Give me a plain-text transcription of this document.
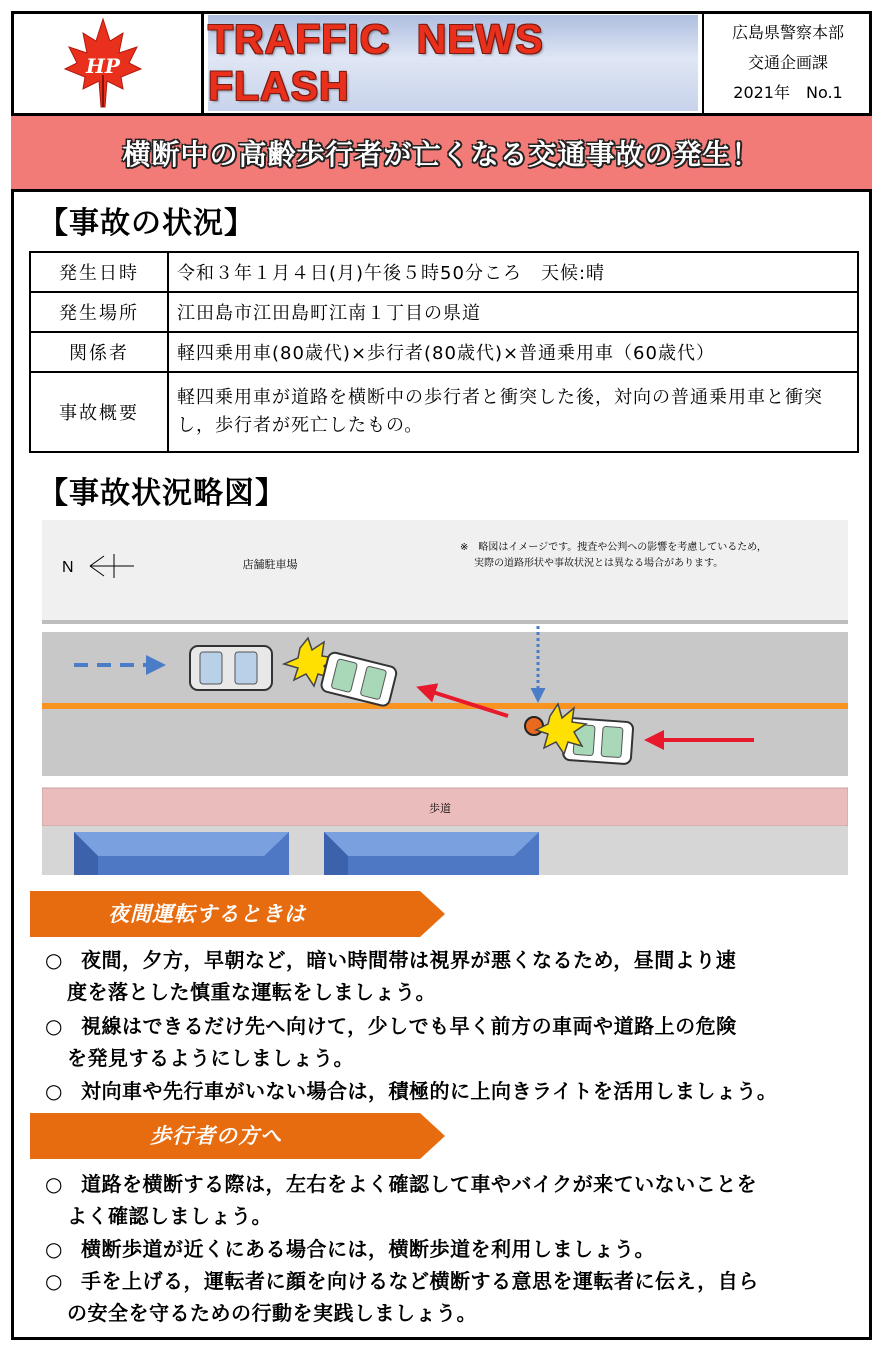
HP
TRAFFIC NEWS FLASH
広島県警察本部
交通企画課
2021年　No.1
横断中の高齢歩行者が亡くなる交通事故の発生！
【事故の状況】
発生日時	令和３年１月４日(月)午後５時50分ころ　天候:晴
発生場所	江田島市江田島町江南１丁目の県道
関係者	軽四乗用車(80歳代)×歩行者(80歳代)×普通乗用車（60歳代）
事故概要	軽四乗用車が道路を横断中の歩行者と衝突した後，対向の普通乗用車と衝突し，歩行者が死亡したもの。
【事故状況略図】
N	店舗駐車場
※　略図はイメージです。捜査や公判への影響を考慮しているため，
実際の道路形状や事故状況とは異なる場合があります。
歩道
夜間運転するときは
○ 夜間，夕方，早朝など，暗い時間帯は視界が悪くなるため，昼間より速
度を落とした慎重な運転をしましょう。
○ 視線はできるだけ先へ向けて，少しでも早く前方の車両や道路上の危険
を発見するようにしましょう。
○ 対向車や先行車がいない場合は，積極的に上向きライトを活用しましょう。
歩行者の方へ
○ 道路を横断する際は，左右をよく確認して車やバイクが来ていないことを
よく確認しましょう。
○ 横断歩道が近くにある場合には，横断歩道を利用しましょう。
○ 手を上げる，運転者に顔を向けるなど横断する意思を運転者に伝え，自ら
の安全を守るための行動を実践しましょう。
